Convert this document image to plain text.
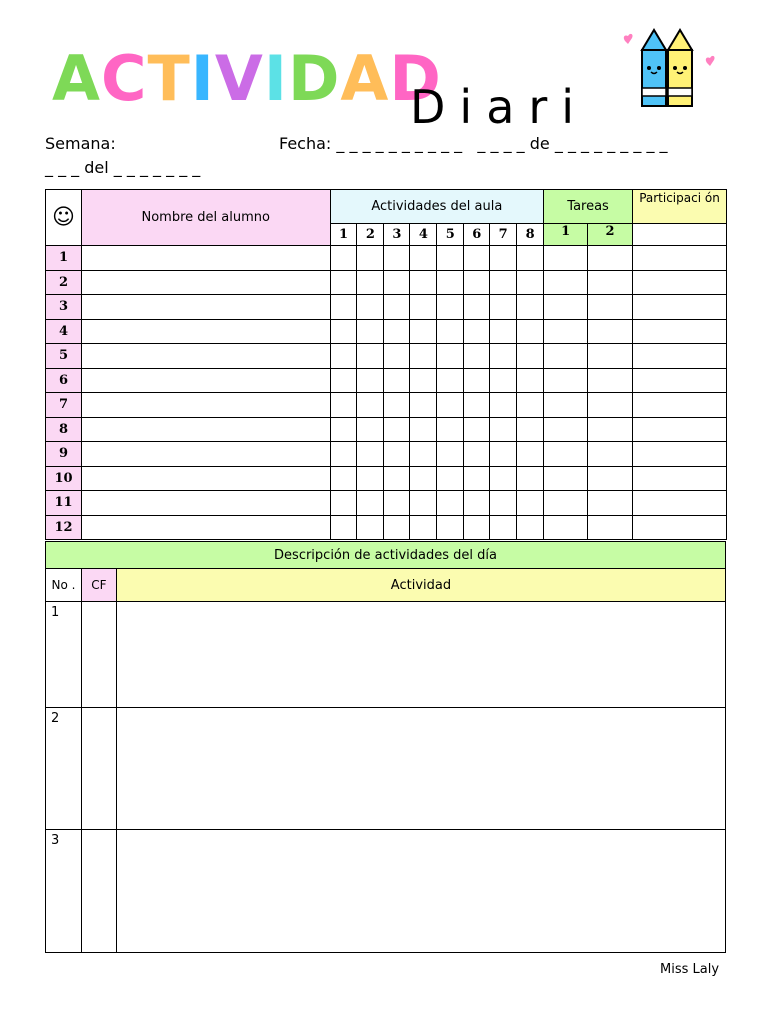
ACTIVIDAD
Diari
Semana:	Fecha: _ _ _ _ _ _ _ _ _ _   _ _ _ _ de _ _ _ _ _ _ _ _ _
_ _ _ del _ _ _ _ _ _ _
☺	Nombre del alumno	Actividades del aula								Tareas		Participaci ón
		1	2	3	4	5	6	7	8	1	2	
1												
2												
3												
4												
5												
6												
7												
8												
9												
10												
11												
12												
Descripción de actividades del día		
No .	CF	Actividad
1		
2		
3		
Miss Laly
